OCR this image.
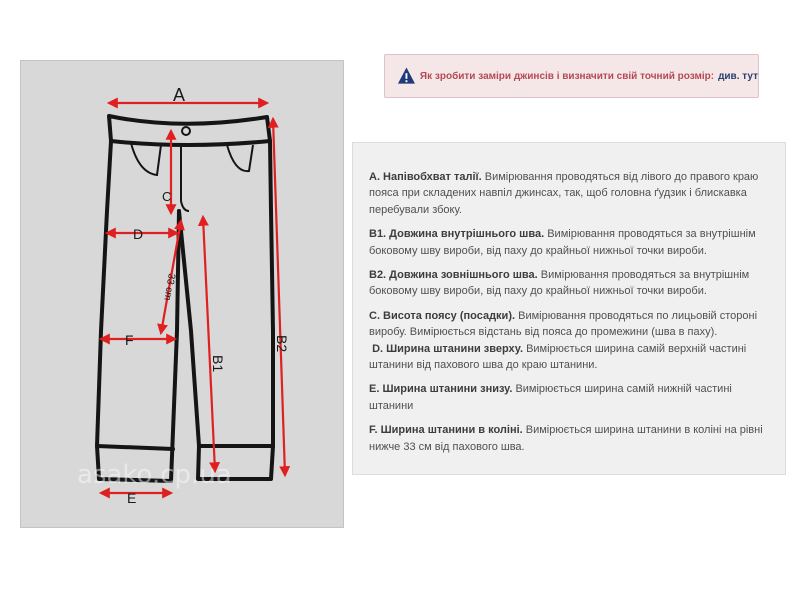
A
C
D
F
E
B1
B2
33 cm
asako.cp.ua
Як зробити заміри джинсів і визначити свій точний розмір: див. тут

A. Напівобхват талії. Вимірювання проводяться від лівого до правого краю пояса при складених навпіл джинсах, так, щоб головна ґудзик і блискавка перебували збоку.

B1. Довжина внутрішнього шва. Вимірювання проводяться за внутрішнім боковому шву вироби, від паху до крайньої нижньої точки вироби.

B2. Довжина зовнішнього шва. Вимірювання проводяться за внутрішнім боковому шву вироби, від паху до крайньої нижньої точки вироби.

C. Висота поясу (посадки). Вимірювання проводяться по лицьовій стороні виробу. Вимірюється відстань від пояса до промежини (шва в паху).
D. Ширина штанини зверху. Вимірюється ширина самій верхній частині штанини від пахового шва до краю штанини.

E. Ширина штанини знизу. Вимірюється ширина самій нижній частині штанини

F. Ширина штанини в коліні. Вимірюється ширина штанини в коліні на рівні нижче 33 см від пахового шва.
